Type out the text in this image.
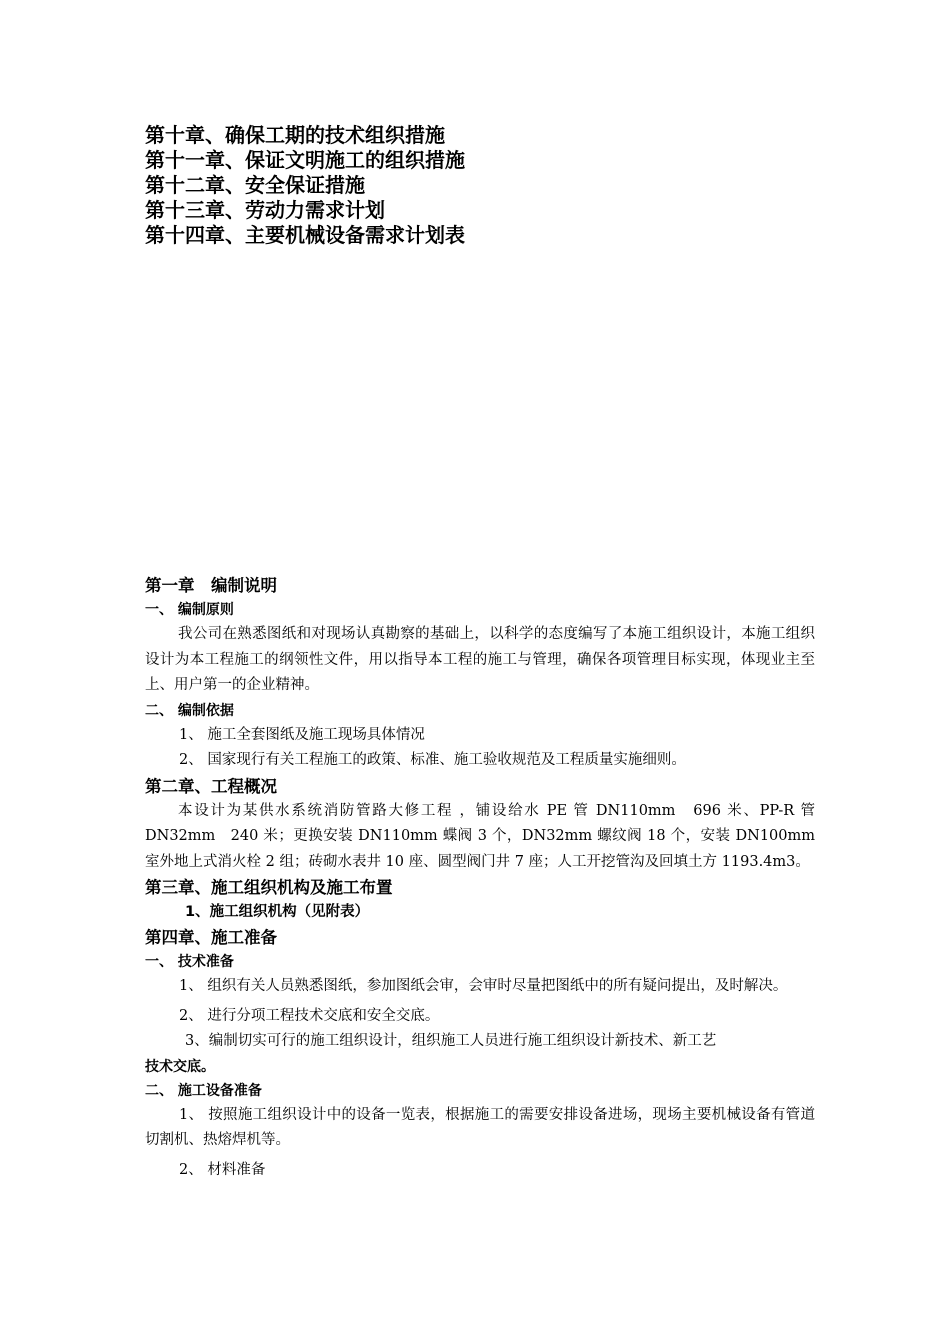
第十章、确保工期的技术组织措施
第十一章、保证文明施工的组织措施
第十二章、安全保证措施
第十三章、劳动力需求计划
第十四章、主要机械设备需求计划表
第一章　编制说明
一、 编制原则

我公司在熟悉图纸和对现场认真勘察的基础上，以科学的态度编写了本施工组织设计，本施工组织设计为本工程施工的纲领性文件，用以指导本工程的施工与管理，确保各项管理目标实现，体现业主至上、用户第一的企业精神。

二、 编制依据
1、 施工全套图纸及施工现场具体情况
2、 国家现行有关工程施工的政策、标准、施工验收规范及工程质量实施细则。
第二章、工程概况

本设计为某供水系统消防管路大修工程 ，铺设给水 PE 管 DN110mm　696 米、PP-R 管 DN32mm　240 米；更换安装 DN110mm 蝶阀 3 个，DN32mm 螺纹阀 18 个，安装 DN100mm 室外地上式消火栓 2 组；砖砌水表井 10 座、圆型阀门井 7 座；人工开挖管沟及回填土方 1193.4m3。

第三章、施工组织机构及施工布置
1、施工组织机构（见附表）
第四章、施工准备
一、 技术准备

1、 组织有关人员熟悉图纸，参加图纸会审，会审时尽量把图纸中的所有疑问提出，及时解决。

2、 进行分项工程技术交底和安全交底。
3、编制切实可行的施工组织设计，组织施工人员进行施工组织设计新技术、新工艺
技术交底。
二、 施工设备准备

1、 按照施工组织设计中的设备一览表，根据施工的需要安排设备进场，现场主要机械设备有管道切割机、热熔焊机等。

2、 材料准备
